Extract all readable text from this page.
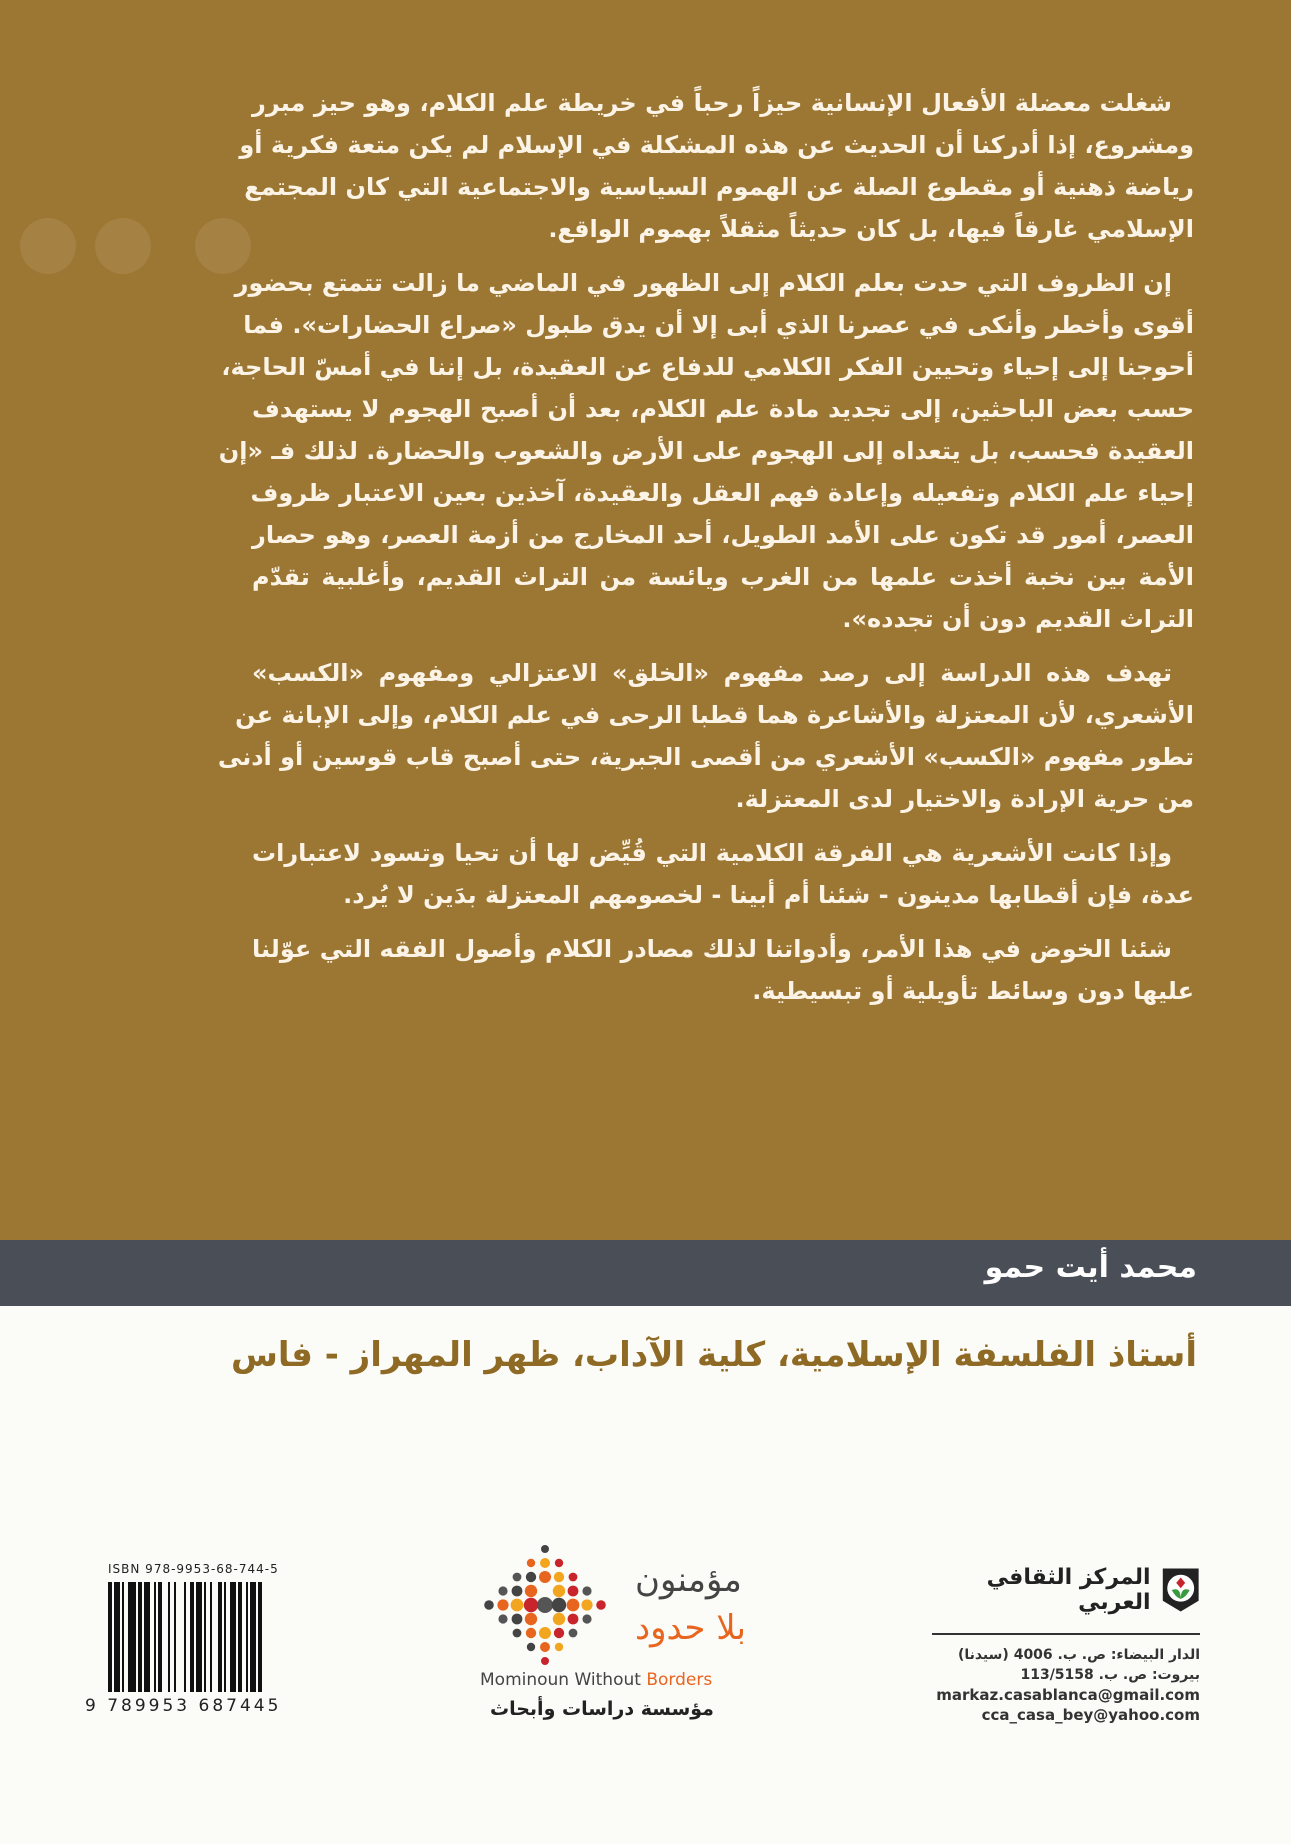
شغلت معضلة الأفعال الإنسانية حيزاً رحباً في خريطة علم الكلام، وهو حيز مبرر
ومشروع، إذا أدركنا أن الحديث عن هذه المشكلة في الإسلام لم يكن متعة فكرية أو
رياضة ذهنية أو مقطوع الصلة عن الهموم السياسية والاجتماعية التي كان المجتمع
الإسلامي غارقاً فيها، بل كان حديثاً مثقلاً بهموم الواقع.
إن الظروف التي حدت بعلم الكلام إلى الظهور في الماضي ما زالت تتمتع بحضور
أقوى وأخطر وأنكى في عصرنا الذي أبى إلا أن يدق طبول «صراع الحضارات». فما
أحوجنا إلى إحياء وتحيين الفكر الكلامي للدفاع عن العقيدة، بل إننا في أمسّ الحاجة،
حسب بعض الباحثين، إلى تجديد مادة علم الكلام، بعد أن أصبح الهجوم لا يستهدف
العقيدة فحسب، بل يتعداه إلى الهجوم على الأرض والشعوب والحضارة. لذلك فـ «إن
إحياء علم الكلام وتفعيله وإعادة فهم العقل والعقيدة، آخذين بعين الاعتبار ظروف
العصر، أمور قد تكون على الأمد الطويل، أحد المخارج من أزمة العصر، وهو حصار
الأمة بين نخبة أخذت علمها من الغرب ويائسة من التراث القديم، وأغلبية تقدّم
التراث القديم دون أن تجدده».
تهدف هذه الدراسة إلى رصد مفهوم «الخلق» الاعتزالي ومفهوم «الكسب»
الأشعري، لأن المعتزلة والأشاعرة هما قطبا الرحى في علم الكلام، وإلى الإبانة عن
تطور مفهوم «الكسب» الأشعري من أقصى الجبرية، حتى أصبح قاب قوسين أو أدنى
من حرية الإرادة والاختيار لدى المعتزلة.
وإذا كانت الأشعرية هي الفرقة الكلامية التي قُيِّض لها أن تحيا وتسود لاعتبارات
عدة، فإن أقطابها مدينون - شئنا أم أبينا - لخصومهم المعتزلة بدَين لا يُرد.
شئنا الخوض في هذا الأمر، وأدواتنا لذلك مصادر الكلام وأصول الفقه التي عوّلنا
عليها دون وسائط تأويلية أو تبسيطية.
محمد أيت حمو
أستاذ الفلسفة الإسلامية، كلية الآداب، ظهر المهراز - فاس
المركز الثقافي العربي
الدار البيضاء: ص. ب. 4006 (سيدنا)
بيروت: ص. ب. 113/5158
markaz.casablanca@gmail.com
cca_casa_bey@yahoo.com
مؤمنون
بلا حدود
Mominoun Without Borders
مؤسسة دراسات وأبحاث
ISBN 978-9953-68-744-5
9 789953 687445
